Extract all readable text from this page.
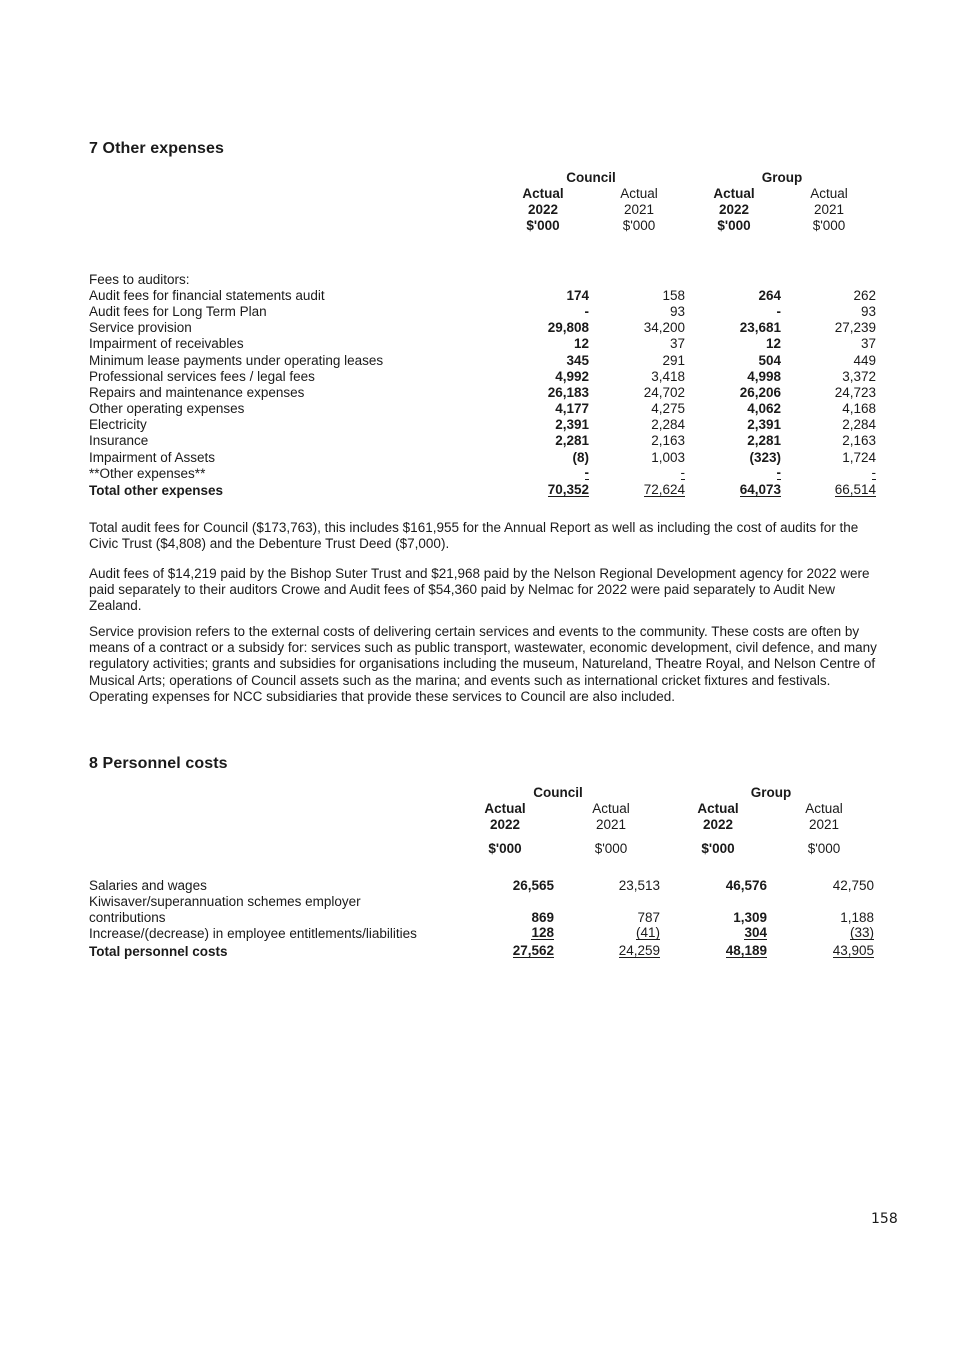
7 Other expenses
Council	Group
Actual	Actual	Actual	Actual
2022	2021	2022	2021
$'000	$'000	$'000	$'000
Fees to auditors:
Audit fees for financial statements audit	174	158	264	262
Audit fees for Long Term Plan	-	93	-	93
Service provision	29,808	34,200	23,681	27,239
Impairment of receivables	12	37	12	37
Minimum lease payments under operating leases	345	291	504	449
Professional services fees / legal fees	4,992	3,418	4,998	3,372
Repairs and maintenance expenses	26,183	24,702	26,206	24,723
Other operating expenses	4,177	4,275	4,062	4,168
Electricity	2,391	2,284	2,391	2,284
Insurance	2,281	2,163	2,281	2,163
Impairment of Assets	(8)	1,003	(323)	1,724
**Other expenses**	-	-	-	-
Total other expenses	70,352	72,624	64,073	66,514
Total audit fees for Council ($173,763), this includes $161,955 for the Annual Report as well as including the cost of audits for the Civic Trust ($4,808) and the Debenture Trust Deed ($7,000).
Audit fees of $14,219 paid by the Bishop Suter Trust and $21,968 paid by the Nelson Regional Development agency for 2022 were paid separately to their auditors Crowe and Audit fees of $54,360 paid by Nelmac for 2022 were paid separately to Audit New Zealand.
Service provision refers to the external costs of delivering certain services and events to the community. These costs are often by means of a contract or a subsidy for: services such as public transport, wastewater, economic development, civil defence, and many regulatory activities; grants and subsidies for organisations including the museum, Natureland, Theatre Royal, and Nelson Centre of Musical Arts; operations of Council assets such as the marina; and events such as international cricket fixtures and festivals. Operating expenses for NCC subsidiaries that provide these services to Council are also included.
8 Personnel costs
Council	Group
Actual	Actual	Actual	Actual
2022	2021	2022	2021
$'000	$'000	$'000	$'000
Salaries and wages	26,565	23,513	46,576	42,750
Kiwisaver/superannuation schemes employer
contributions	869	787	1,309	1,188
Increase/(decrease) in employee entitlements/liabilities	128	(41)	304	(33)
Total personnel costs	27,562	24,259	48,189	43,905
158
